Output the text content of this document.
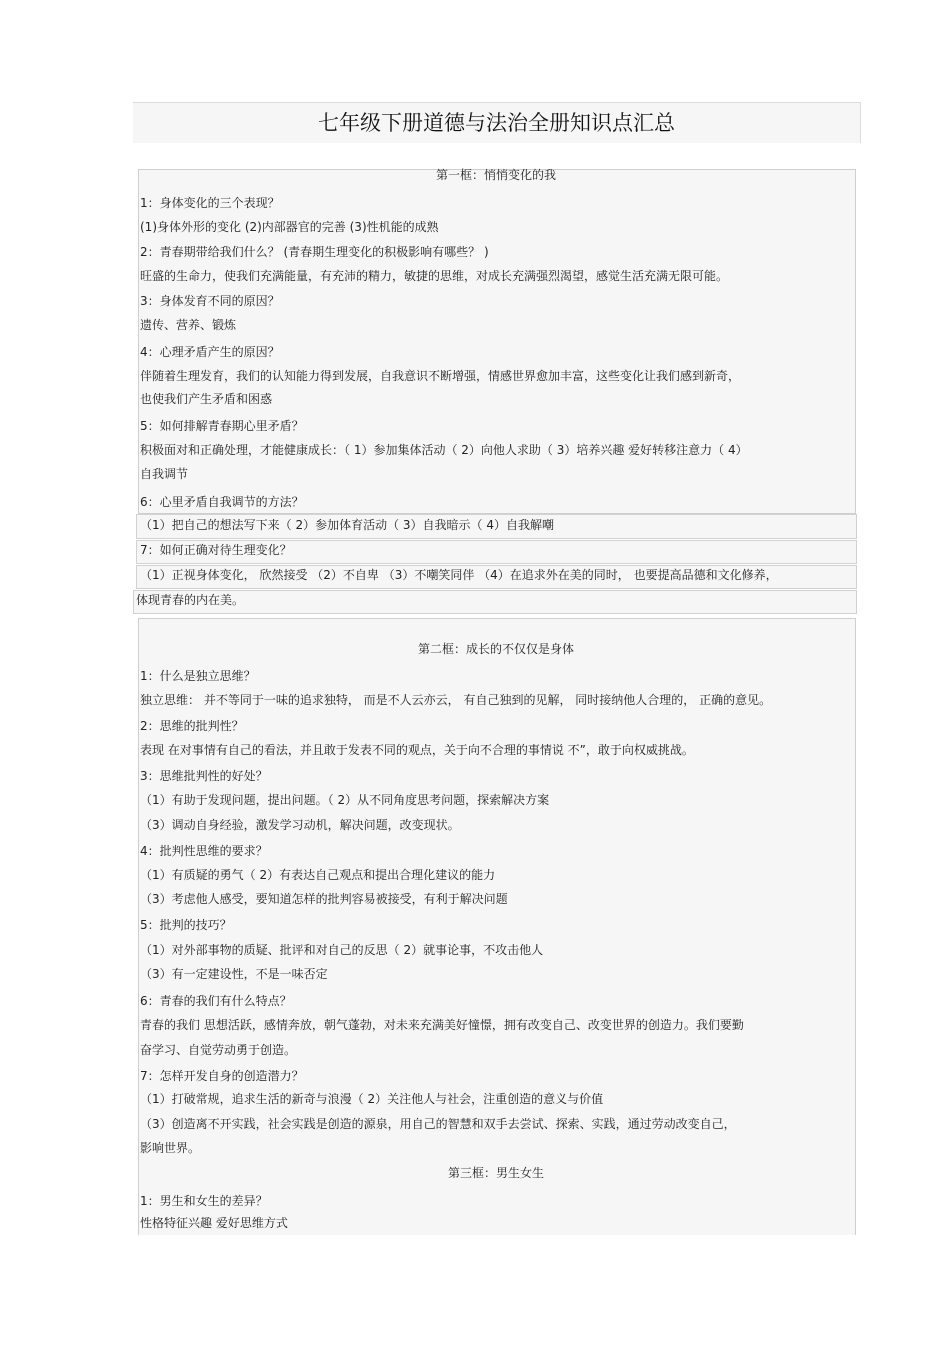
七年级下册道德与法治全册知识点汇总
第一框：悄悄变化的我
1：身体变化的三个表现？
(1)身体外形的变化 (2)内部器官的完善 (3)性机能的成熟
2：青春期带给我们什么？ (青春期生理变化的积极影响有哪些？ )
旺盛的生命力，使我们充满能量，有充沛的精力，敏捷的思维，对成长充满强烈渴望，感觉生活充满无限可能。
3：身体发育不同的原因？
遗传、营养、锻炼
4：心理矛盾产生的原因？
伴随着生理发育，我们的认知能力得到发展，自我意识不断增强，情感世界愈加丰富，这些变化让我们感到新奇，
也使我们产生矛盾和困惑
5：如何排解青春期心里矛盾？
积极面对和正确处理，才能健康成长：（ 1）参加集体活动（ 2）向他人求助（ 3）培养兴趣 爱好转移注意力（ 4）
自我调节
6：心里矛盾自我调节的方法？
（1）把自己的想法写下来（ 2）参加体育活动（ 3）自我暗示（ 4）自我解嘲
7：如何正确对待生理变化？
（1）正视身体变化， 欣然接受 （2）不自卑 （3）不嘲笑同伴 （4）在追求外在美的同时， 也要提高品德和文化修养，
体现青春的内在美。
第二框：成长的不仅仅是身体
1：什么是独立思维？
独立思维： 并不等同于一味的追求独特， 而是不人云亦云， 有自己独到的见解， 同时接纳他人合理的， 正确的意见。
2：思维的批判性？
表现 在对事情有自己的看法，并且敢于发表不同的观点，关于向不合理的事情说 不”，敢于向权威挑战。
3：思维批判性的好处？
（1）有助于发现问题，提出问题。（ 2）从不同角度思考问题，探索解决方案
（3）调动自身经验，激发学习动机，解决问题，改变现状。
4：批判性思维的要求？
（1）有质疑的勇气（ 2）有表达自己观点和提出合理化建议的能力
（3）考虑他人感受，要知道怎样的批判容易被接受，有利于解决问题
5：批判的技巧？
（1）对外部事物的质疑、批评和对自己的反思（ 2）就事论事，不攻击他人
（3）有一定建设性，不是一味否定
6：青春的我们有什么特点？
青春的我们 思想活跃，感情奔放，朝气蓬勃，对未来充满美好憧憬，拥有改变自己、改变世界的创造力。我们要勤
奋学习、自觉劳动勇于创造。
7：怎样开发自身的创造潜力？
（1）打破常规，追求生活的新奇与浪漫（ 2）关注他人与社会，注重创造的意义与价值
（3）创造离不开实践，社会实践是创造的源泉，用自己的智慧和双手去尝试、探索、实践，通过劳动改变自己，
影响世界。
第三框：男生女生
1：男生和女生的差异？
性格特征兴趣 爱好思维方式
